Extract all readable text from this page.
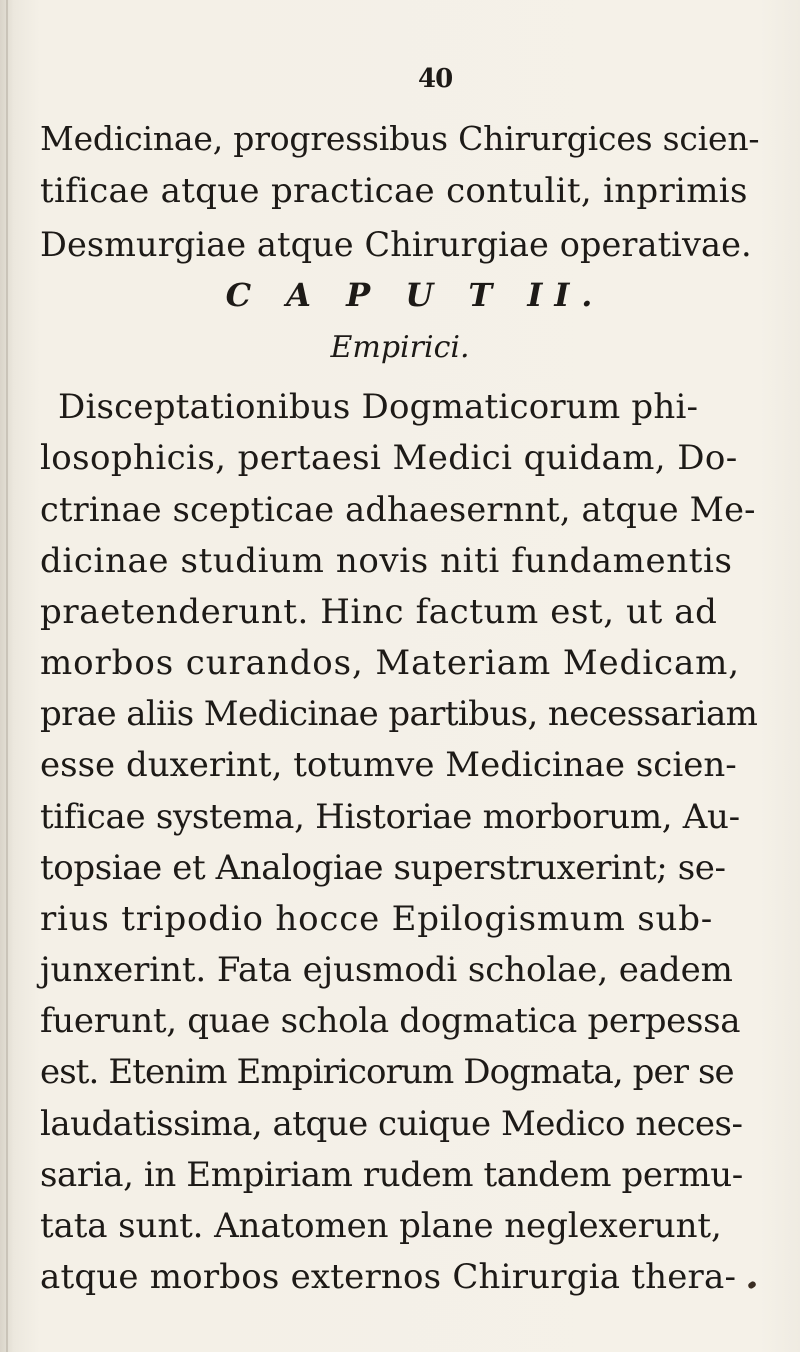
40
Medicinae, progressibus Chirurgices scien-
tificae atque practicae contulit, inprimis
Desmurgiae atque Chirurgiae operativae.
C A P U T II.
Empirici.
Disceptationibus Dogmaticorum phi-
losophicis, pertaesi Medici quidam, Do-
ctrinae scepticae adhaesernnt, atque Me-
dicinae studium novis niti fundamentis
praetenderunt. Hinc factum est, ut ad
morbos curandos, Materiam Medicam,
prae aliis Medicinae partibus, necessariam
esse duxerint, totumve Medicinae scien-
tificae systema, Historiae morborum, Au-
topsiae et Analogiae superstruxerint; se-
rius tripodio hocce Epilogismum sub-
junxerint. Fata ejusmodi scholae, eadem
fuerunt, quae schola dogmatica perpessa
est. Etenim Empiricorum Dogmata, per se
laudatissima, atque cuique Medico neces-
saria, in Empiriam rudem tandem permu-
tata sunt. Anatomen plane neglexerunt,
atque morbos externos Chirurgia thera-
